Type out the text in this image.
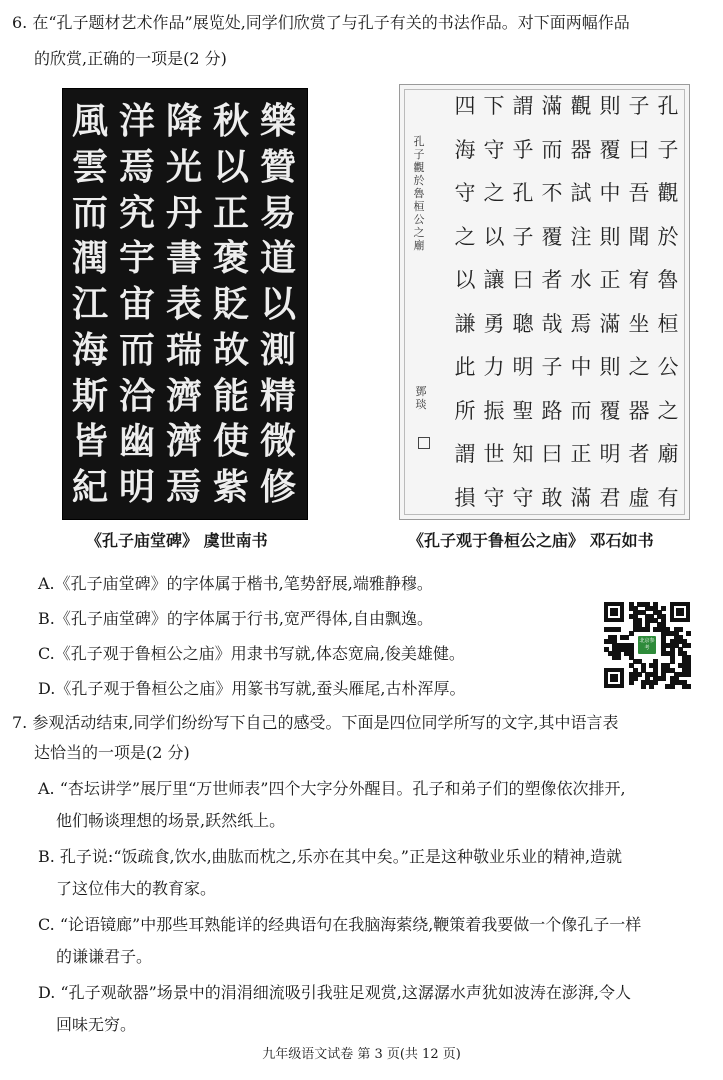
6. 在“孔子题材艺术作品”展览处,同学们欣赏了与孔子有关的书法作品。对下面两幅作品
的欣赏,正确的一项是(2 分)
樂
贊
易
道
以
測
精
微
修
秋
以
正
褒
貶
故
能
使
紫
降
光
丹
書
表
瑞
濟
濟
焉
洋
焉
究
宇
宙
而
洽
幽
明
風
雲
而
潤
江
海
斯
皆
紀
孔
子
觀
於
魯
桓
公
之
廟
鄧
琰
孔
子
觀
於
魯
桓
公
之
廟
有
子
曰
吾
聞
宥
坐
之
器
者
虛
則
覆
中
則
正
滿
則
覆
明
君
觀
器
試
注
水
焉
中
而
正
滿
滿
而
不
覆
者
哉
子
路
曰
敢
謂
乎
孔
子
曰
聰
明
聖
知
守
下
守
之
以
讓
勇
力
振
世
守
四
海
守
之
以
謙
此
所
謂
損
《孔子庙堂碑》 虞世南书	《孔子观于鲁桓公之庙》 邓石如书
A.《孔子庙堂碑》的字体属于楷书,笔势舒展,端雅静穆。
B.《孔子庙堂碑》的字体属于行书,宽严得体,自由飘逸。
C.《孔子观于鲁桓公之庙》用隶书写就,体态宽扁,俊美雄健。
D.《孔子观于鲁桓公之庙》用篆书写就,蚕头雁尾,古朴浑厚。
北京参考
7. 参观活动结束,同学们纷纷写下自己的感受。下面是四位同学所写的文字,其中语言表
达恰当的一项是(2 分)
A. “杏坛讲学”展厅里“万世师表”四个大字分外醒目。孔子和弟子们的塑像依次排开,
他们畅谈理想的场景,跃然纸上。
B. 孔子说:“饭疏食,饮水,曲肱而枕之,乐亦在其中矣。”正是这种敬业乐业的精神,造就
了这位伟大的教育家。
C. “论语镜廊”中那些耳熟能详的经典语句在我脑海萦绕,鞭策着我要做一个像孔子一样
的谦谦君子。
D. “孔子观欹器”场景中的涓涓细流吸引我驻足观赏,这潺潺水声犹如波涛在澎湃,令人
回味无穷。
九年级语文试卷 第 3 页(共 12 页)
